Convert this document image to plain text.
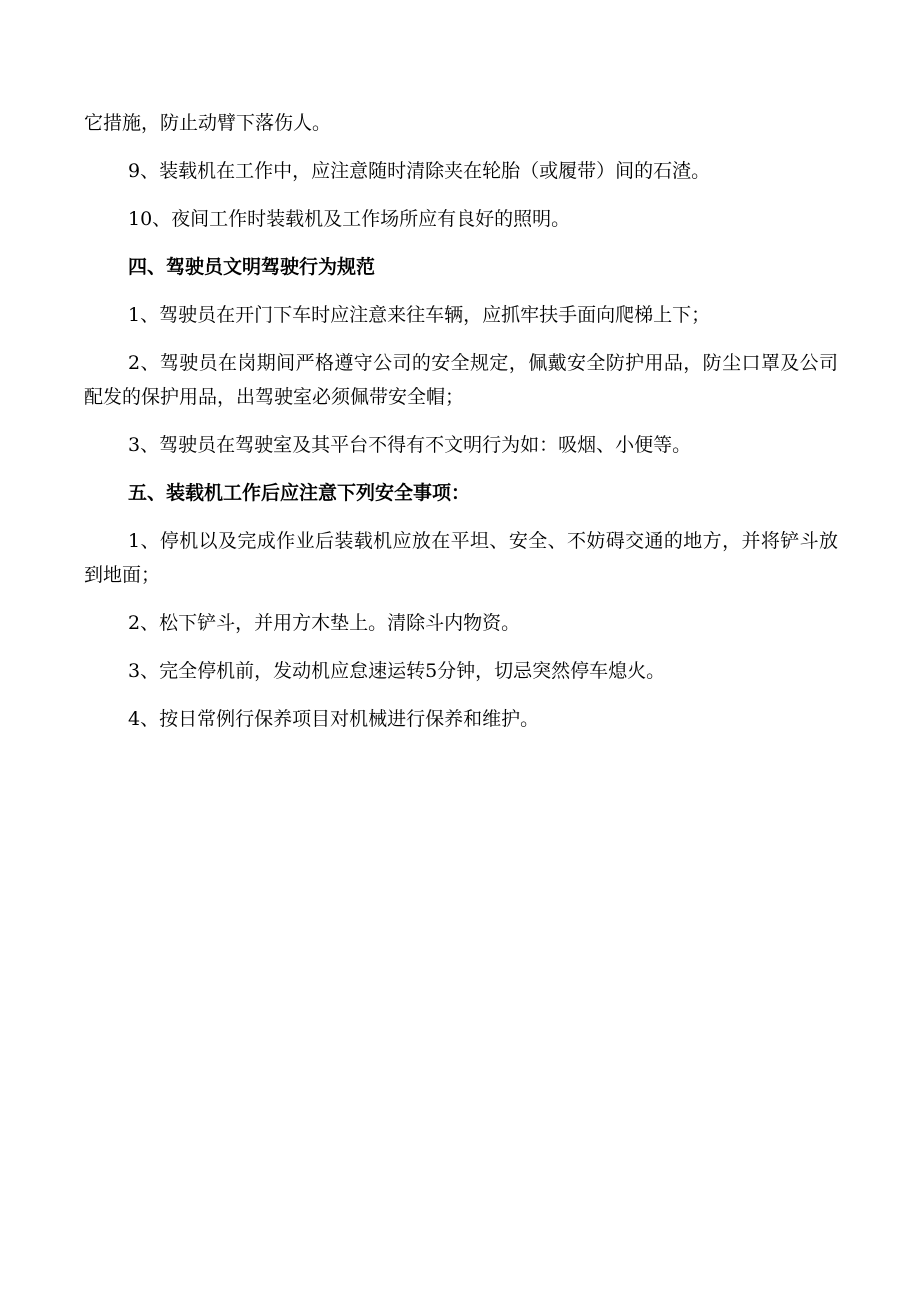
它措施，防止动臂下落伤人。

9、装载机在工作中，应注意随时清除夹在轮胎（或履带）间的石渣。

10、夜间工作时装载机及工作场所应有良好的照明。

四、驾驶员文明驾驶行为规范

1、驾驶员在开门下车时应注意来往车辆，应抓牢扶手面向爬梯上下；

2、驾驶员在岗期间严格遵守公司的安全规定，佩戴安全防护用品，防尘口罩及公司配发的保护用品，出驾驶室必须佩带安全帽；

3、驾驶员在驾驶室及其平台不得有不文明行为如：吸烟、小便等。

五、装载机工作后应注意下列安全事项：

1、停机以及完成作业后装载机应放在平坦、安全、不妨碍交通的地方，并将铲斗放到地面；

2、松下铲斗，并用方木垫上。清除斗内物资。

3、完全停机前，发动机应怠速运转5分钟，切忌突然停车熄火。

4、按日常例行保养项目对机械进行保养和维护。
